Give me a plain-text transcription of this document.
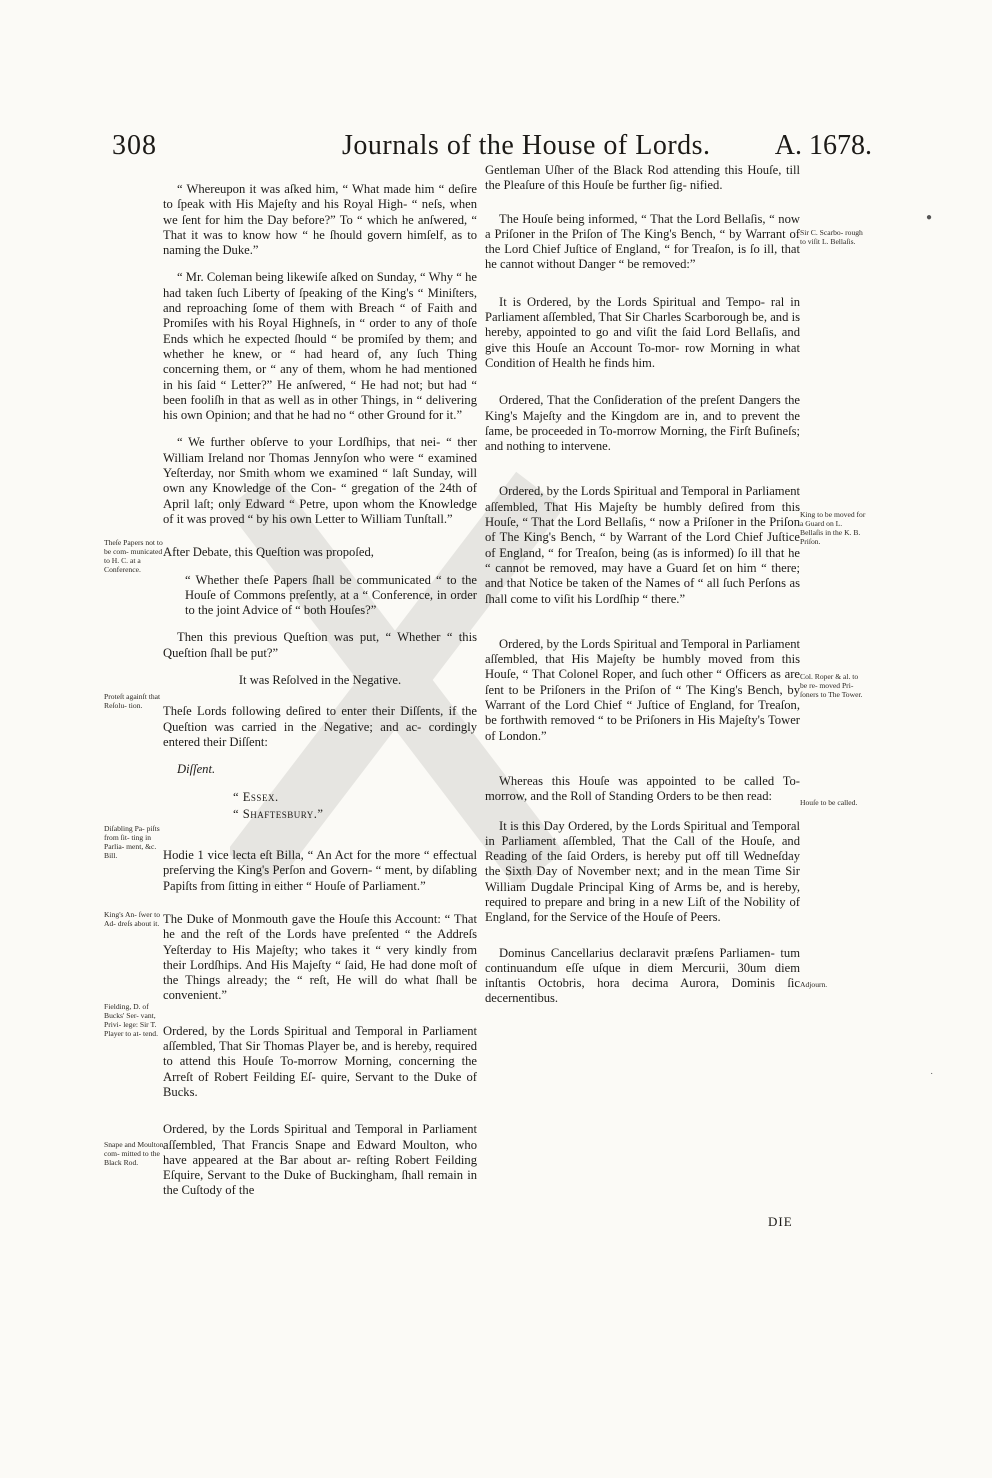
308	Journals of the House of Lords. A. 1678.

“ Whereupon it was aſked him, “ What made him “ deſire to ſpeak with His Majeſty and his Royal High- “ neſs, when we ſent for him the Day before?” To “ which he anſwered, “ That it was to know how “ he ſhould govern himſelf, as to naming the Duke.”

“ Mr. Coleman being likewiſe aſked on Sunday, “ Why “ he had taken ſuch Liberty of ſpeaking of the King's “ Miniſters, and reproaching ſome of them with Breach “ of Faith and Promiſes with his Royal Highneſs, in “ order to any of thoſe Ends which he expected ſhould “ be promiſed by them; and whether he knew, or “ had heard of, any ſuch Thing concerning them, or “ any of them, whom he had mentioned in his ſaid “ Letter?” He anſwered, “ He had not; but had “ been fooliſh in that as well as in other Things, in “ delivering his own Opinion; and that he had no “ other Ground for it.”

“ We further obſerve to your Lordſhips, that nei- “ ther William Ireland nor Thomas Jennyſon who were “ examined Yeſterday, nor Smith whom we examined “ laſt Sunday, will own any Knowledge of the Con- “ gregation of the 24th of April laſt; only Edward “ Petre, upon whom the Knowledge of it was proved “ by his own Letter to William Tunſtall.”

After Debate, this Queſtion was propoſed,

“ Whether theſe Papers ſhall be communicated “ to the Houſe of Commons preſently, at a “ Conference, in order to the joint Advice of “ both Houſes?”

Then this previous Queſtion was put, “ Whether “ this Queſtion ſhall be put?”

It was Reſolved in the Negative.

Theſe Lords following deſired to enter their Diſſents, if the Queſtion was carried in the Negative; and ac- cordingly entered their Diſſent:

Diſſent.

“ Essex.

“ Shaftesbury.”

Hodie 1 vice lecta eſt Billa, “ An Act for the more “ effectual preſerving the King's Perſon and Govern- “ ment, by diſabling Papiſts from ſitting in either “ Houſe of Parliament.”

The Duke of Monmouth gave the Houſe this Account: “ That he and the reſt of the Lords have preſented “ the Addreſs Yeſterday to His Majeſty; who takes it “ very kindly from their Lordſhips. And His Majeſty “ ſaid, He had done moſt of the Things already; the “ reſt, He will do what ſhall be convenient.”

Ordered, by the Lords Spiritual and Temporal in Parliament aſſembled, That Sir Thomas Player be, and is hereby, required to attend this Houſe To-morrow Morning, concerning the Arreſt of Robert Feilding Eſ- quire, Servant to the Duke of Bucks.

Ordered, by the Lords Spiritual and Temporal in Parliament aſſembled, That Francis Snape and Edward Moulton, who have appeared at the Bar about ar- reſting Robert Feilding Eſquire, Servant to the Duke of Buckingham, ſhall remain in the Cuſtody of the

Theſe Papers not to be com- municated to H. C. at a Conference.
Proteſt againſt that Reſolu- tion.
Diſabling Pa- piſts from ſit- ting in Parlia- ment, &c. Bill.
King's An- ſwer to Ad- dreſs about it.
Fielding, D. of Bucks' Ser- vant, Privi- lege: Sir T. Player to at- tend.
Snape and Moulton com- mitted to the Black Rod.

Gentleman Uſher of the Black Rod attending this Houſe, till the Pleaſure of this Houſe be further ſig- nified.

The Houſe being informed, “ That the Lord Bellaſis, “ now a Priſoner in the Priſon of The King's Bench, “ by Warrant of the Lord Chief Juſtice of England, “ for Treaſon, is ſo ill, that he cannot without Danger “ be removed:”

It is Ordered, by the Lords Spiritual and Tempo- ral in Parliament aſſembled, That Sir Charles Scarborough be, and is hereby, appointed to go and viſit the ſaid Lord Bellaſis, and give this Houſe an Account To-mor- row Morning in what Condition of Health he finds him.

Ordered, That the Conſideration of the preſent Dangers the King's Majeſty and the Kingdom are in, and to prevent the ſame, be proceeded in To-morrow Morning, the Firſt Buſineſs; and nothing to intervene.

Ordered, by the Lords Spiritual and Temporal in Parliament aſſembled, That His Majeſty be humbly deſired from this Houſe, “ That the Lord Bellaſis, “ now a Priſoner in the Priſon of The King's Bench, “ by Warrant of the Lord Chief Juſtice of England, “ for Treaſon, being (as is informed) ſo ill that he “ cannot be removed, may have a Guard ſet on him “ there; and that Notice be taken of the Names of “ all ſuch Perſons as ſhall come to viſit his Lordſhip “ there.”

Ordered, by the Lords Spiritual and Temporal in Parliament aſſembled, that His Majeſty be humbly moved from this Houſe, “ That Colonel Roper, and ſuch other “ Officers as are ſent to be Priſoners in the Priſon of “ The King's Bench, by Warrant of the Lord Chief “ Juſtice of England, for Treaſon, be forthwith removed “ to be Priſoners in His Majeſty's Tower of London.”

Whereas this Houſe was appointed to be called To- morrow, and the Roll of Standing Orders to be then read:

It is this Day Ordered, by the Lords Spiritual and Temporal in Parliament aſſembled, That the Call of the Houſe, and Reading of the ſaid Orders, is hereby put off till Wedneſday the Sixth Day of November next; and in the mean Time Sir William Dugdale Principal King of Arms be, and is hereby, required to prepare and bring in a new Liſt of the Nobility of England, for the Service of the Houſe of Peers.

Dominus Cancellarius declaravit præſens Parliamen- tum continuandum eſſe uſque in diem Mercurii, 30um diem inſtantis Octobris, hora decima Aurora, Dominis ſic decernentibus.

Sir C. Scarbo- rough to viſit L. Bellaſis.
King to be moved for a Guard on L. Bellaſis in the K. B. Priſon.
Col. Roper & al. to be re- moved Pri- ſoners to The Tower.
Houſe to be called.
Adjourn.
DIE
●
˙
